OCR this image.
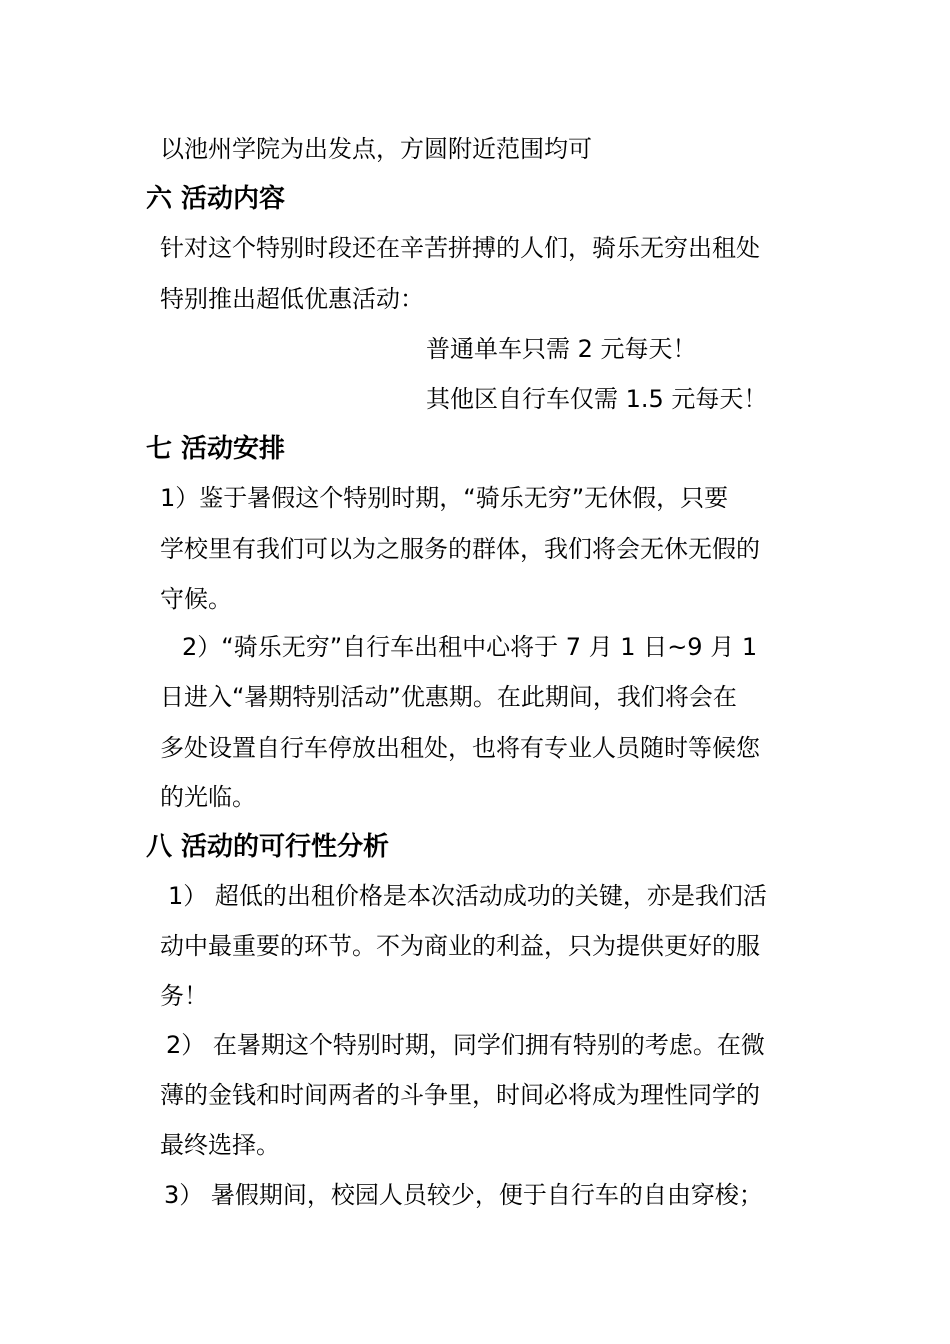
以池州学院为出发点，方圆附近范围均可

六 活动内容

针对这个特别时段还在辛苦拼搏的人们，骑乐无穷出租处

特别推出超低优惠活动：

普通单车只需 2 元每天！

其他区自行车仅需 1.5 元每天！

七 活动安排

1）鉴于暑假这个特别时期，“骑乐无穷”无休假，只要

学校里有我们可以为之服务的群体，我们将会无休无假的

守候。

2）“骑乐无穷”自行车出租中心将于 7 月 1 日~9 月 1

日进入“暑期特别活动”优惠期。在此期间，我们将会在

多处设置自行车停放出租处，也将有专业人员随时等候您

的光临。

八 活动的可行性分析

1） 超低的出租价格是本次活动成功的关键，亦是我们活

动中最重要的环节。不为商业的利益，只为提供更好的服

务！

2） 在暑期这个特别时期，同学们拥有特别的考虑。在微

薄的金钱和时间两者的斗争里，时间必将成为理性同学的

最终选择。

3） 暑假期间，校园人员较少，便于自行车的自由穿梭；
